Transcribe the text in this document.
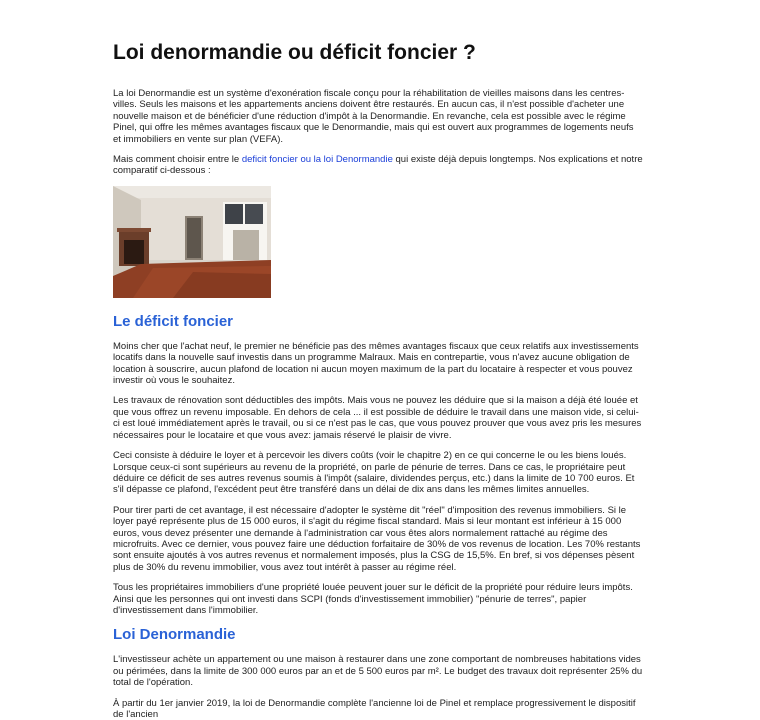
Loi denormandie ou déficit foncier ?

La loi Denormandie est un système d'exonération fiscale conçu pour la réhabilitation de vieilles maisons dans les centres-villes. Seuls les maisons et les appartements anciens doivent être restaurés. En aucun cas, il n'est possible d'acheter une nouvelle maison et de bénéficier d'une réduction d'impôt à la Denormandie. En revanche, cela est possible avec le régime Pinel, qui offre les mêmes avantages fiscaux que le Denormandie, mais qui est ouvert aux programmes de logements neufs et immobiliers en vente sur plan (VEFA).

Mais comment choisir entre le deficit foncier ou la loi Denormandie qui existe déjà depuis longtemps. Nos explications et notre comparatif ci-dessous :

Le déficit foncier

Moins cher que l'achat neuf, le premier ne bénéficie pas des mêmes avantages fiscaux que ceux relatifs aux investissements locatifs dans la nouvelle sauf investis dans un programme Malraux. Mais en contrepartie, vous n'avez aucune obligation de location à souscrire, aucun plafond de location ni aucun moyen maximum de la part du locataire à respecter et vous pouvez investir où vous le souhaitez.

Les travaux de rénovation sont déductibles des impôts. Mais vous ne pouvez les déduire que si la maison a déjà été louée et que vous offrez un revenu imposable. En dehors de cela ... il est possible de déduire le travail dans une maison vide, si celui-ci est loué immédiatement après le travail, ou si ce n'est pas le cas, que vous pouvez prouver que vous avez pris les mesures nécessaires pour le locataire et que vous avez: jamais réservé le plaisir de vivre.

Ceci consiste à déduire le loyer et à percevoir les divers coûts (voir le chapitre 2) en ce qui concerne le ou les biens loués. Lorsque ceux-ci sont supérieurs au revenu de la propriété, on parle de pénurie de terres. Dans ce cas, le propriétaire peut déduire ce déficit de ses autres revenus soumis à l'impôt (salaire, dividendes perçus, etc.) dans la limite de 10 700 euros. Et s'il dépasse ce plafond, l'excédent peut être transféré dans un délai de dix ans dans les mêmes limites annuelles.

Pour tirer parti de cet avantage, il est nécessaire d'adopter le système dit "réel" d'imposition des revenus immobiliers. Si le loyer payé représente plus de 15 000 euros, il s'agit du régime fiscal standard. Mais si leur montant est inférieur à 15 000 euros, vous devez présenter une demande à l'administration car vous êtes alors normalement rattaché au régime des microfruits. Avec ce dernier, vous pouvez faire une déduction forfaitaire de 30% de vos revenus de location. Les 70% restants sont ensuite ajoutés à vos autres revenus et normalement imposés, plus la CSG de 15,5%. En bref, si vos dépenses pèsent plus de 30% du revenu immobilier, vous avez tout intérêt à passer au régime réel.

Tous les propriétaires immobiliers d'une propriété louée peuvent jouer sur le déficit de la propriété pour réduire leurs impôts. Ainsi que les personnes qui ont investi dans SCPI (fonds d'investissement immobilier) "pénurie de terres", papier d'investissement dans l'immobilier.

Loi Denormandie

L'investisseur achète un appartement ou une maison à restaurer dans une zone comportant de nombreuses habitations vides ou périmées, dans la limite de 300 000 euros par an et de 5 500 euros par m². Le budget des travaux doit représenter 25% du total de l'opération.

À partir du 1er janvier 2019, la loi de Denormandie complète l'ancienne loi de Pinel et remplace progressivement le dispositif de l'ancien
